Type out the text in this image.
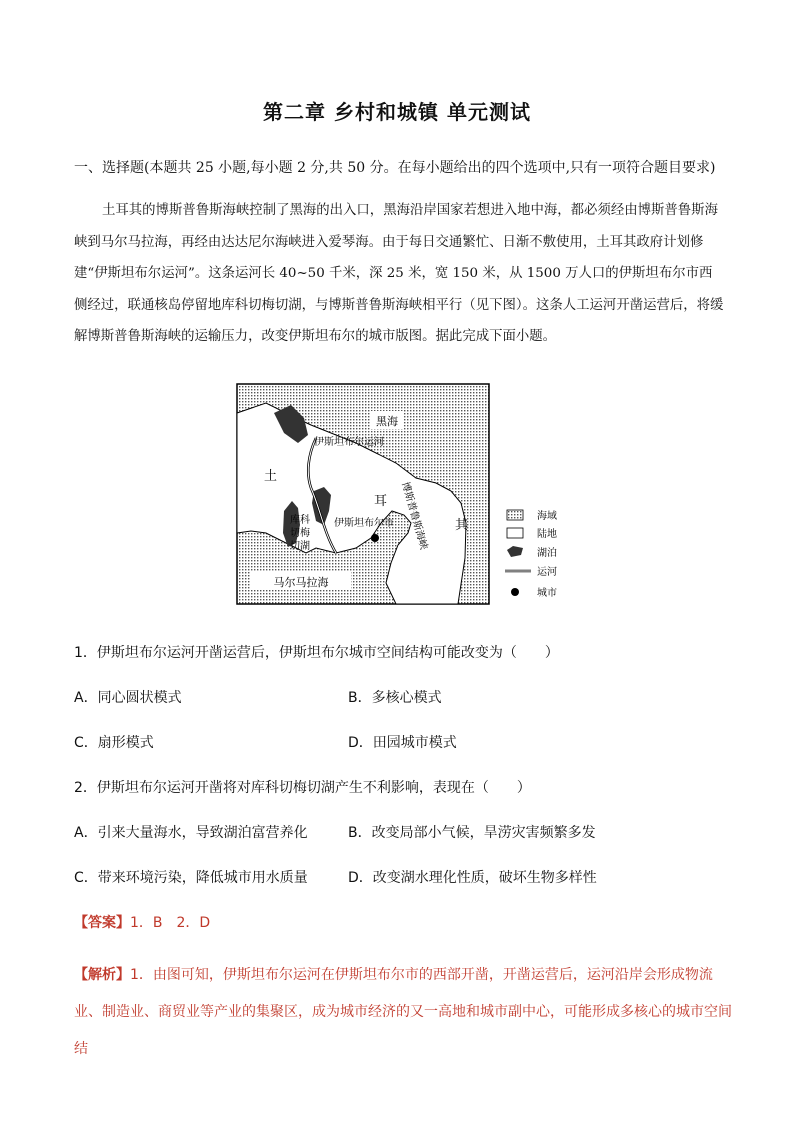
第二章 乡村和城镇 单元测试
一、选择题(本题共 25 小题,每小题 2 分,共 50 分。在每小题给出的四个选项中,只有一项符合题目要求)

土耳其的博斯普鲁斯海峡控制了黑海的出入口，黑海沿岸国家若想进入地中海，都必须经由博斯普鲁斯海峡到马尔马拉海，再经由达达尼尔海峡进入爱琴海。由于每日交通繁忙、日渐不敷使用，土耳其政府计划修建“伊斯坦布尔运河”。这条运河长 40~50 千米，深 25 米，宽 150 米，从 1500 万人口的伊斯坦布尔市西侧经过，联通核岛停留地库科切梅切湖，与博斯普鲁斯海峡相平行（见下图）。这条人工运河开凿运营后，将缓解博斯普鲁斯海峡的运输压力，改变伊斯坦布尔的城市版图。据此完成下面小题。

黑海
土
伊斯坦布尔运河
耳
其
库科
切梅
切湖
伊斯坦布尔市 博斯普鲁斯海峡
马尔马拉海
海域
陆地
湖泊
运河
城市
1．伊斯坦布尔运河开凿运营后，伊斯坦布尔城市空间结构可能改变为（　　）
A．同心圆状模式	B．多核心模式
C．扇形模式	D．田园城市模式
2．伊斯坦布尔运河开凿将对库科切梅切湖产生不利影响，表现在（　　）
A．引来大量海水，导致湖泊富营养化	B．改变局部小气候，旱涝灾害频繁多发
C．带来环境污染，降低城市用水质量	D．改变湖水理化性质，破坏生物多样性
【答案】1．B　2．D
【解析】1．由图可知，伊斯坦布尔运河在伊斯坦布尔市的西部开凿，开凿运营后，运河沿岸会形成物流业、制造业、商贸业等产业的集聚区，成为城市经济的又一高地和城市副中心，可能形成多核心的城市空间结
